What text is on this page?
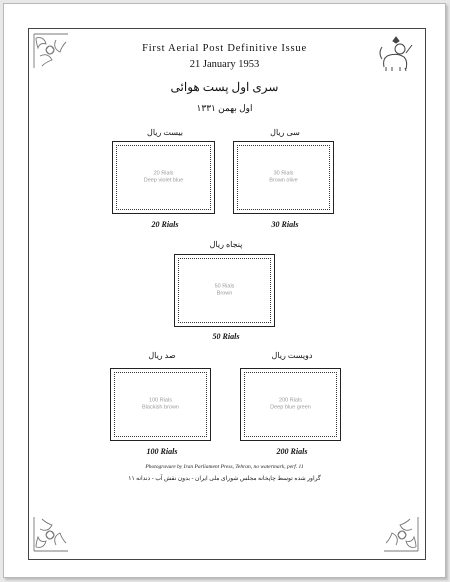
First Aerial Post Definitive Issue
21 January 1953
سری اول پست هوائی
اول بهمن ۱۳۳۱
بیست ریال
20 Rials
Deep violet blue
20 Rials
سی ریال
30 Rials
Brown olive
30 Rials
پنجاه ریال
50 Rials
Brown
50 Rials
صد ریال
100 Rials
Blackish brown
100 Rials
دویست ریال
200 Rials
Deep blue green
200 Rials
Photogravure by Iran Parliament Press, Tehran, no watermark, perf. 11
گراور شده توسط چاپخانه مجلس شورای ملی ایران - بدون نقش آب - دندانه ۱۱
